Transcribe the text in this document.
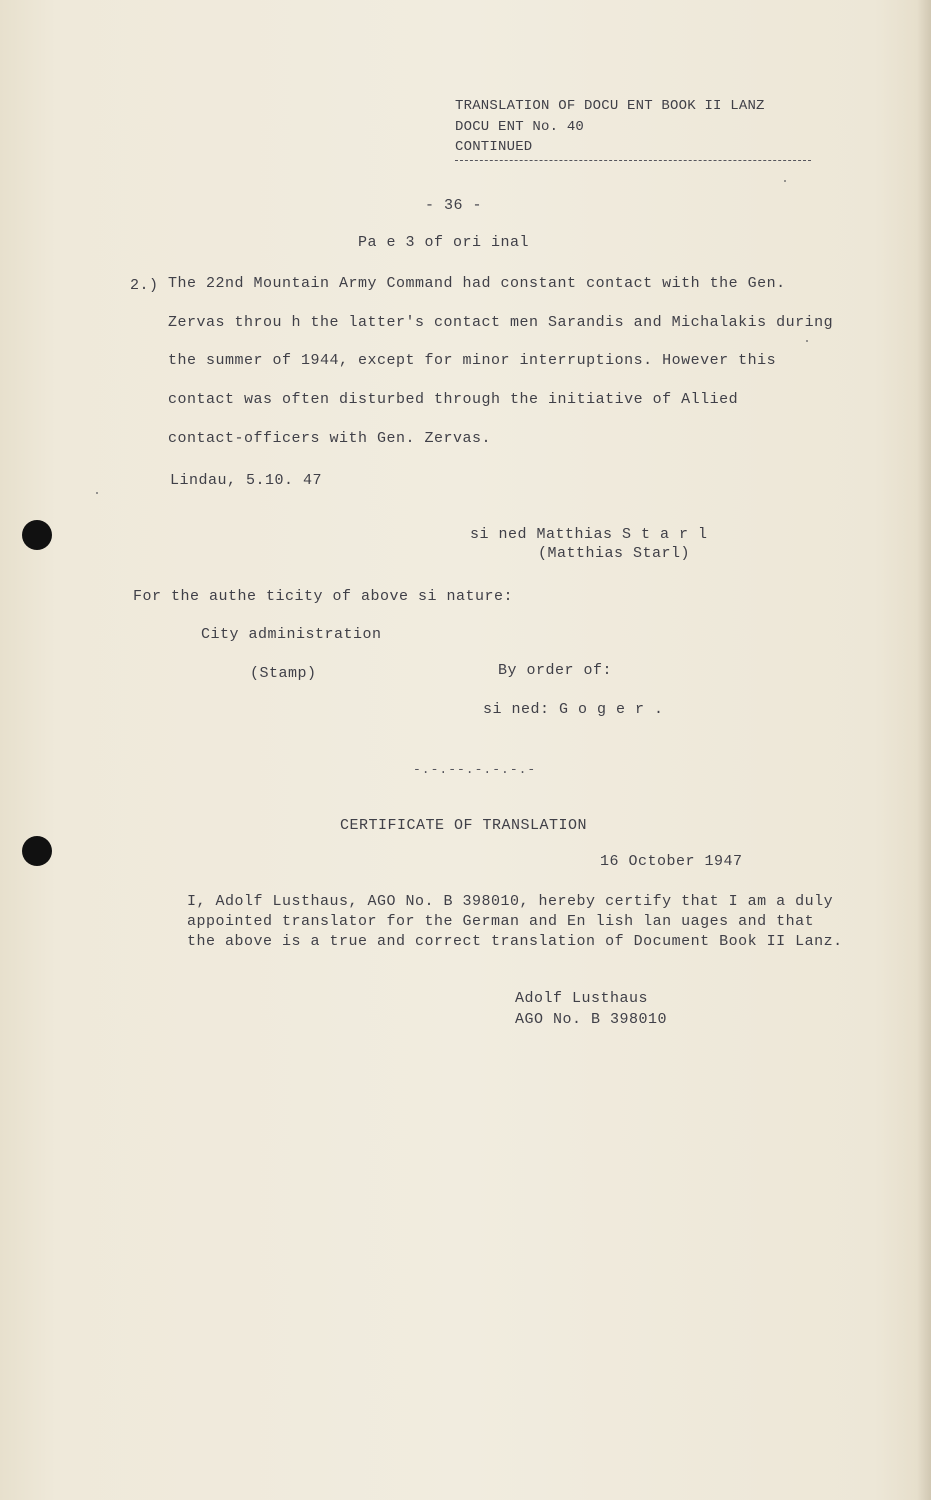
TRANSLATION OF DOCU ENT BOOK II LANZ
DOCU ENT No. 40
CONTINUED
- 36 -
Pa e 3 of ori inal
2.) The 22nd Mountain Army Command had constant contact with the Gen.
Zervas throu h the latter's contact men Sarandis and Michalakis during
the summer of 1944, except for minor interruptions. However this
contact was often disturbed through the initiative of Allied
contact-officers with Gen. Zervas.
Lindau, 5.10. 47
si ned Matthias S t a r l
(Matthias Starl)
For the authe ticity of above si nature:
City administration
(Stamp)	By order of:
si ned: G o g e r .
-.-.--.-.-.-.-
CERTIFICATE OF TRANSLATION
16 October 1947
I, Adolf Lusthaus, AGO No. B 398010, hereby certify that I am a duly
appointed translator for the German and En lish lan uages and that
the above is a true and correct translation of Document Book II Lanz.
Adolf Lusthaus
AGO No. B 398010
